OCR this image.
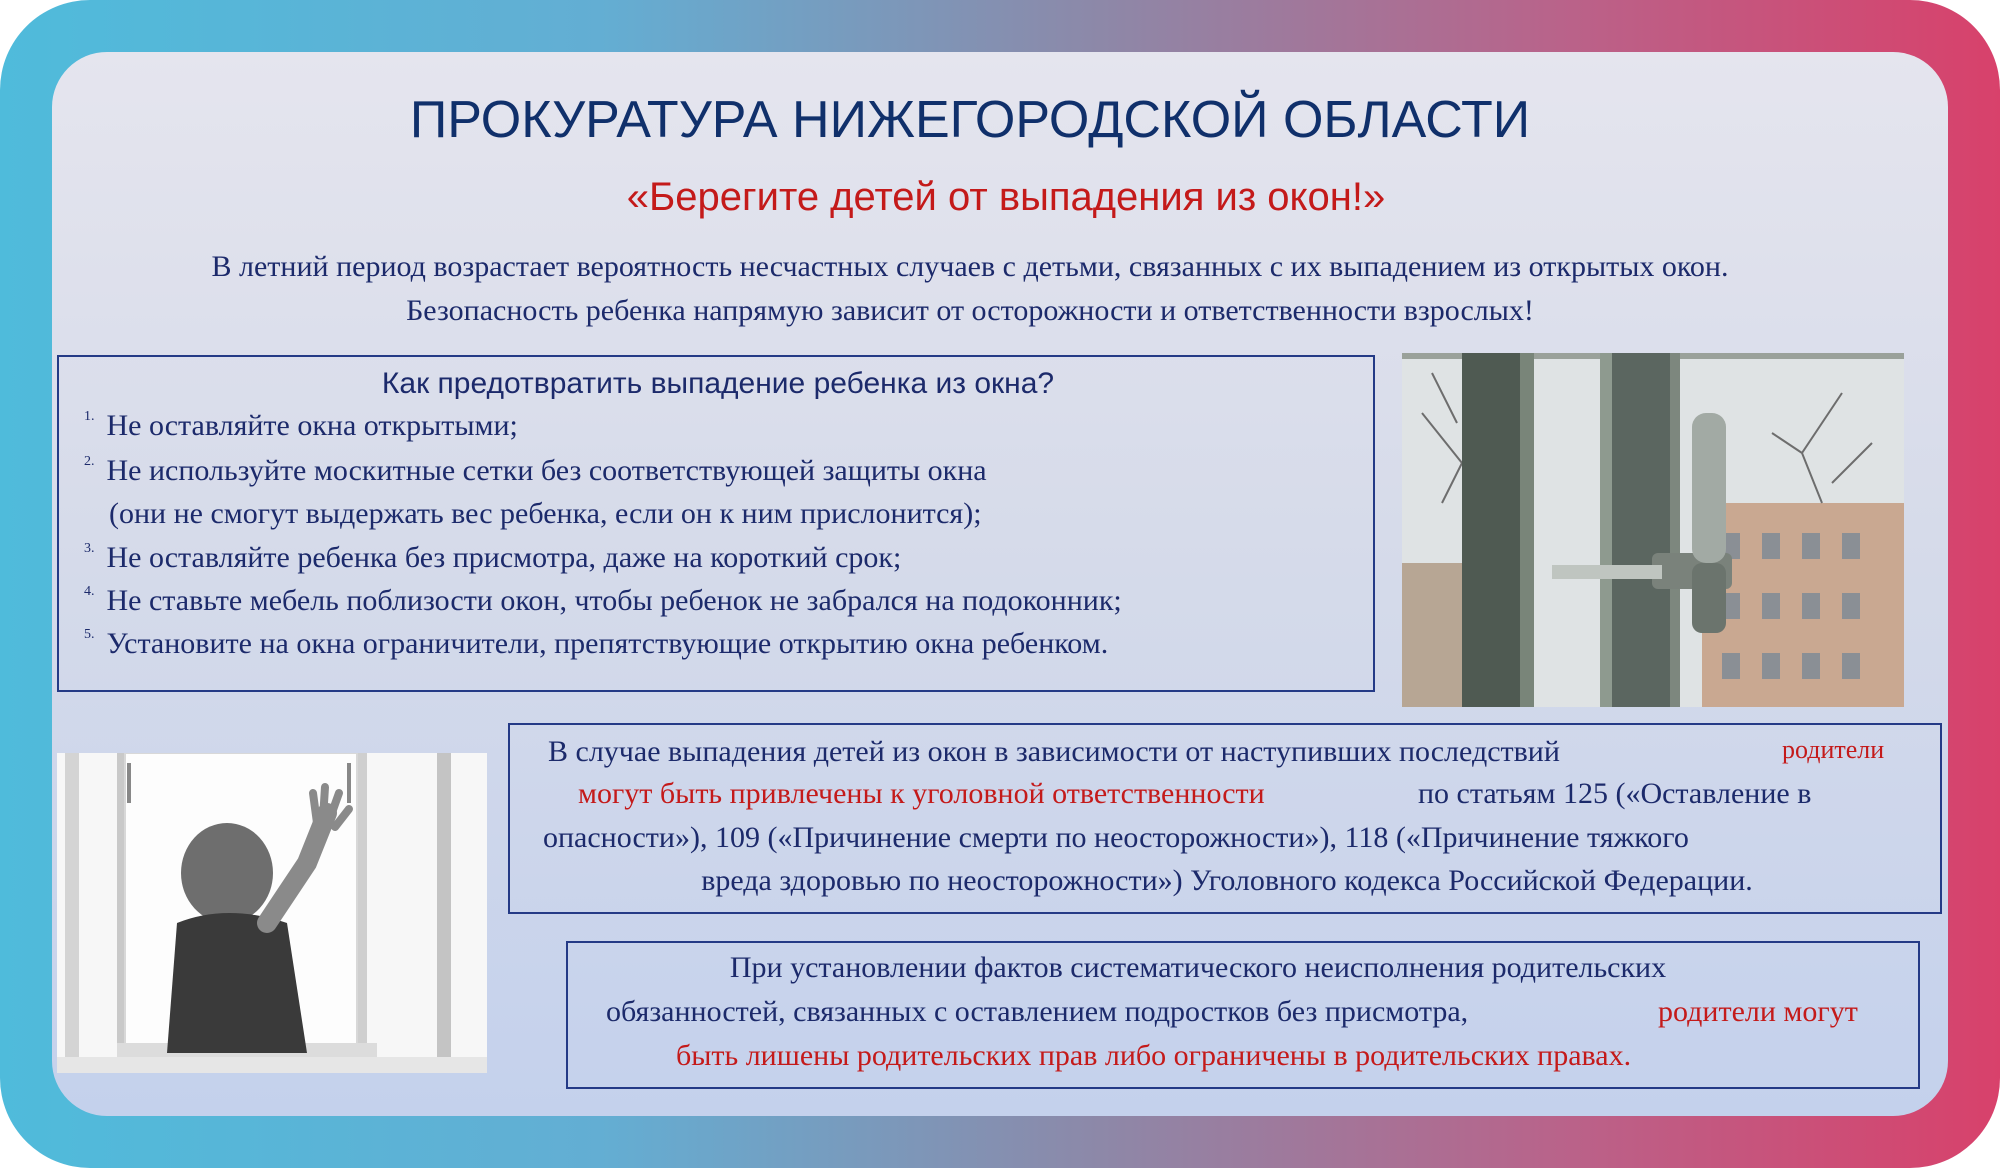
ПРОКУРАТУРА НИЖЕГОРОДСКОЙ ОБЛАСТИ
«Берегите детей от выпадения из окон!»
В летний период возрастает вероятность несчастных случаев с детьми, связанных с их выпадением из открытых окон.
Безопасность ребенка напрямую зависит от осторожности и ответственности взрослых!
Как предотвратить выпадение ребенка из окна?
1. Не оставляйте окна открытыми;
2. Не используйте москитные сетки без соответствующей защиты окна
(они не смогут выдержать вес ребенка, если он к ним прислонится);
3. Не оставляйте ребенка без присмотра, даже на короткий срок;
4. Не ставьте мебель поблизости окон, чтобы ребенок не забрался на подоконник;
5. Установите на окна ограничители, препятствующие открытию окна ребенком.
В случае выпадения детей из окон в зависимости от наступивших последствий	родители
могут быть привлечены к уголовной ответственности	по статьям 125 («Оставление в
опасности»), 109 («Причинение смерти по неосторожности»), 118 («Причинение тяжкого
вреда здоровью по неосторожности») Уголовного кодекса Российской Федерации.
При установлении фактов систематического неисполнения родительских
обязанностей, связанных с оставлением подростков без присмотра,	родители могут
быть лишены родительских прав либо ограничены в родительских правах.
